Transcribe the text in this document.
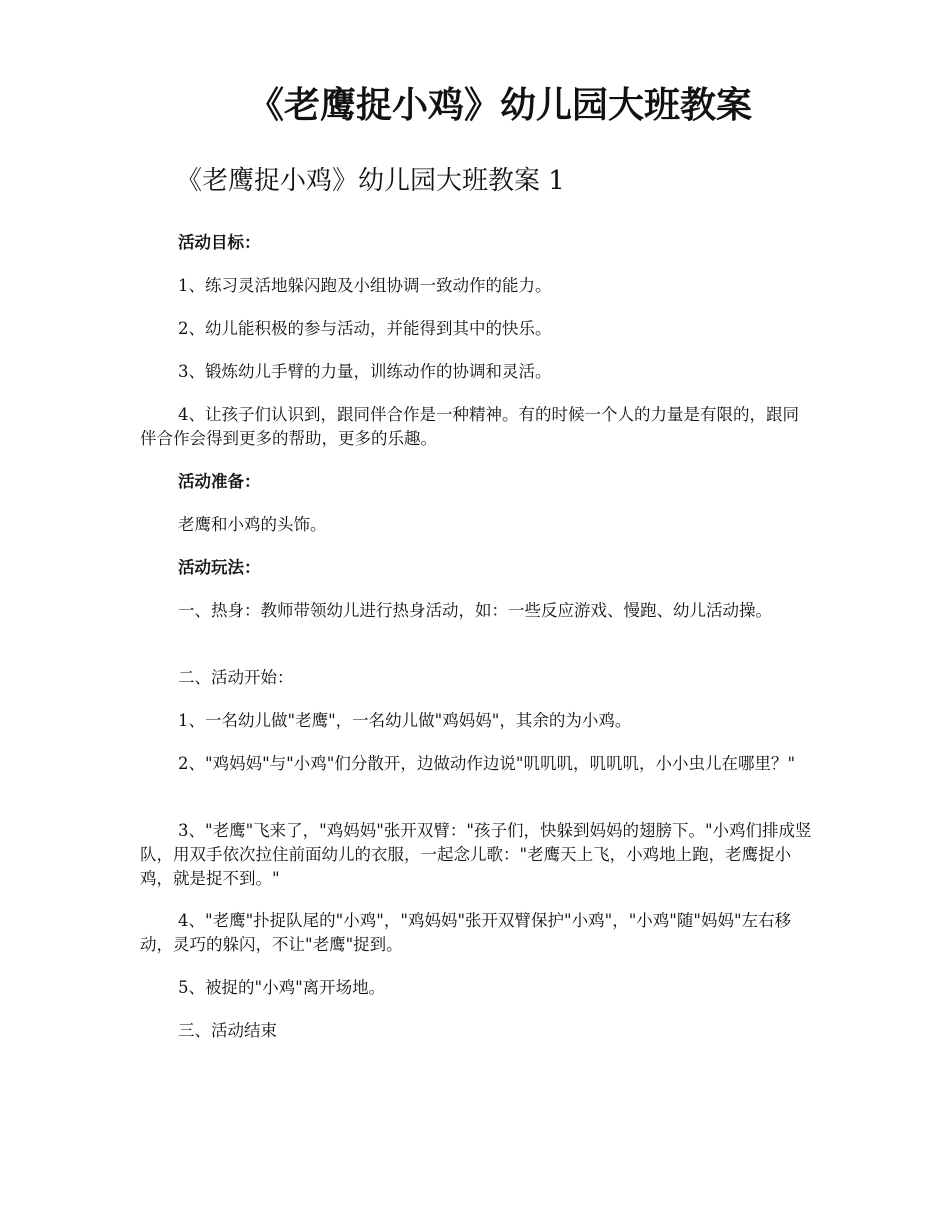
《老鹰捉小鸡》幼儿园大班教案
《老鹰捉小鸡》幼儿园大班教案 1

活动目标：

1、练习灵活地躲闪跑及小组协调一致动作的能力。

2、幼儿能积极的参与活动，并能得到其中的快乐。

3、锻炼幼儿手臂的力量，训练动作的协调和灵活。

4、让孩子们认识到，跟同伴合作是一种精神。有的时候一个人的力量是有限的，跟同伴合作会得到更多的帮助，更多的乐趣。

活动准备：

老鹰和小鸡的头饰。

活动玩法：

一、热身：教师带领幼儿进行热身活动，如：一些反应游戏、慢跑、幼儿活动操。

二、活动开始：

1、一名幼儿做"老鹰"，一名幼儿做"鸡妈妈"，其余的为小鸡。

2、"鸡妈妈"与"小鸡"们分散开，边做动作边说"叽叽叽，叽叽叽，小小虫儿在哪里？"

3、"老鹰"飞来了，"鸡妈妈"张开双臂："孩子们，快躲到妈妈的翅膀下。"小鸡们排成竖队，用双手依次拉住前面幼儿的衣服，一起念儿歌："老鹰天上飞，小鸡地上跑，老鹰捉小鸡，就是捉不到。"

4、"老鹰"扑捉队尾的"小鸡"，"鸡妈妈"张开双臂保护"小鸡"，"小鸡"随"妈妈"左右移动，灵巧的躲闪，不让"老鹰"捉到。

5、被捉的"小鸡"离开场地。

三、活动结束
